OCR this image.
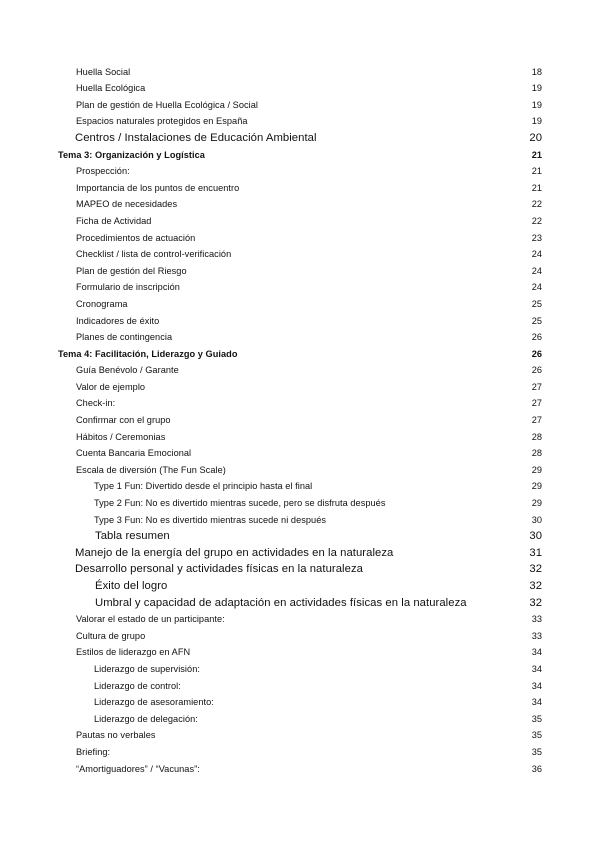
Huella Social	18
Huella Ecológica	19
Plan de gestión de Huella Ecológica / Social	19
Espacios naturales protegidos en España	19
Centros / Instalaciones de Educación Ambiental	20
Tema 3: Organización y Logística	21
Prospección:	21
Importancia de los puntos de encuentro	21
MAPEO de necesidades	22
Ficha de Actividad	22
Procedimientos de actuación	23
Checklist / lista de control-verificación	24
Plan de gestión del Riesgo	24
Formulario de inscripción	24
Cronograma	25
Indicadores de éxito	25
Planes de contingencia	26
Tema 4: Facilitación, Liderazgo y Guiado	26
Guía Benévolo / Garante	26
Valor de ejemplo	27
Check-in:	27
Confirmar con el grupo	27
Hábitos / Ceremonias	28
Cuenta Bancaria Emocional	28
Escala de diversión (The Fun Scale)	29
Type 1 Fun: Divertido desde el principio hasta el final	29
Type 2 Fun: No es divertido mientras sucede, pero se disfruta después	29
Type 3 Fun: No es divertido mientras sucede ni después	30
Tabla resumen	30
Manejo de la energía del grupo en actividades en la naturaleza	31
Desarrollo personal y actividades físicas en la naturaleza	32
Éxito del logro	32
Umbral y capacidad de adaptación en actividades físicas en la naturaleza	32
Valorar el estado de un participante:	33
Cultura de grupo	33
Estilos de liderazgo en AFN	34
Liderazgo de supervisión:	34
Liderazgo de control:	34
Liderazgo de asesoramiento:	34
Liderazgo de delegación:	35
Pautas no verbales	35
Briefing:	35
“Amortiguadores” / “Vacunas”:	36
